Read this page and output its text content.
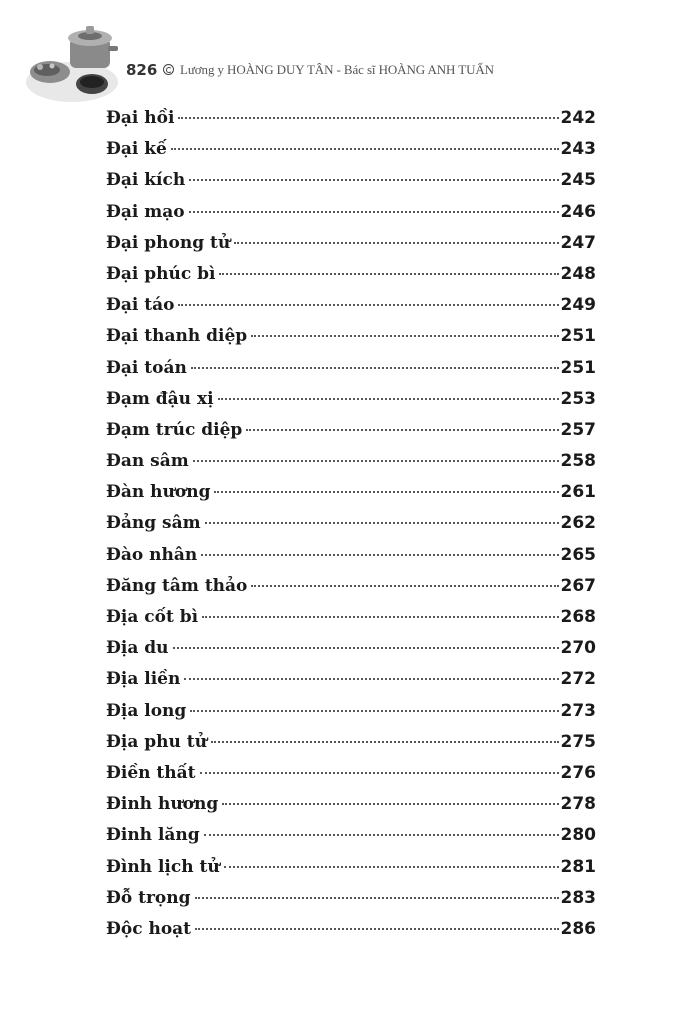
826 Lương y HOÀNG DUY TÂN - Bác sĩ HOÀNG ANH TUẤN
Đại hồi	242
Đại kế	243
Đại kích	245
Đại mạo	246
Đại phong tử	247
Đại phúc bì	248
Đại táo	249
Đại thanh diệp	251
Đại toán	251
Đạm đậu xị	253
Đạm trúc diệp	257
Đan sâm	258
Đàn hương	261
Đảng sâm	262
Đào nhân	265
Đăng tâm thảo	267
Địa cốt bì	268
Địa du	270
Địa liền	272
Địa long	273
Địa phu tử	275
Điền thất	276
Đinh hương	278
Đinh lăng	280
Đình lịch tử	281
Đỗ trọng	283
Độc hoạt	286
